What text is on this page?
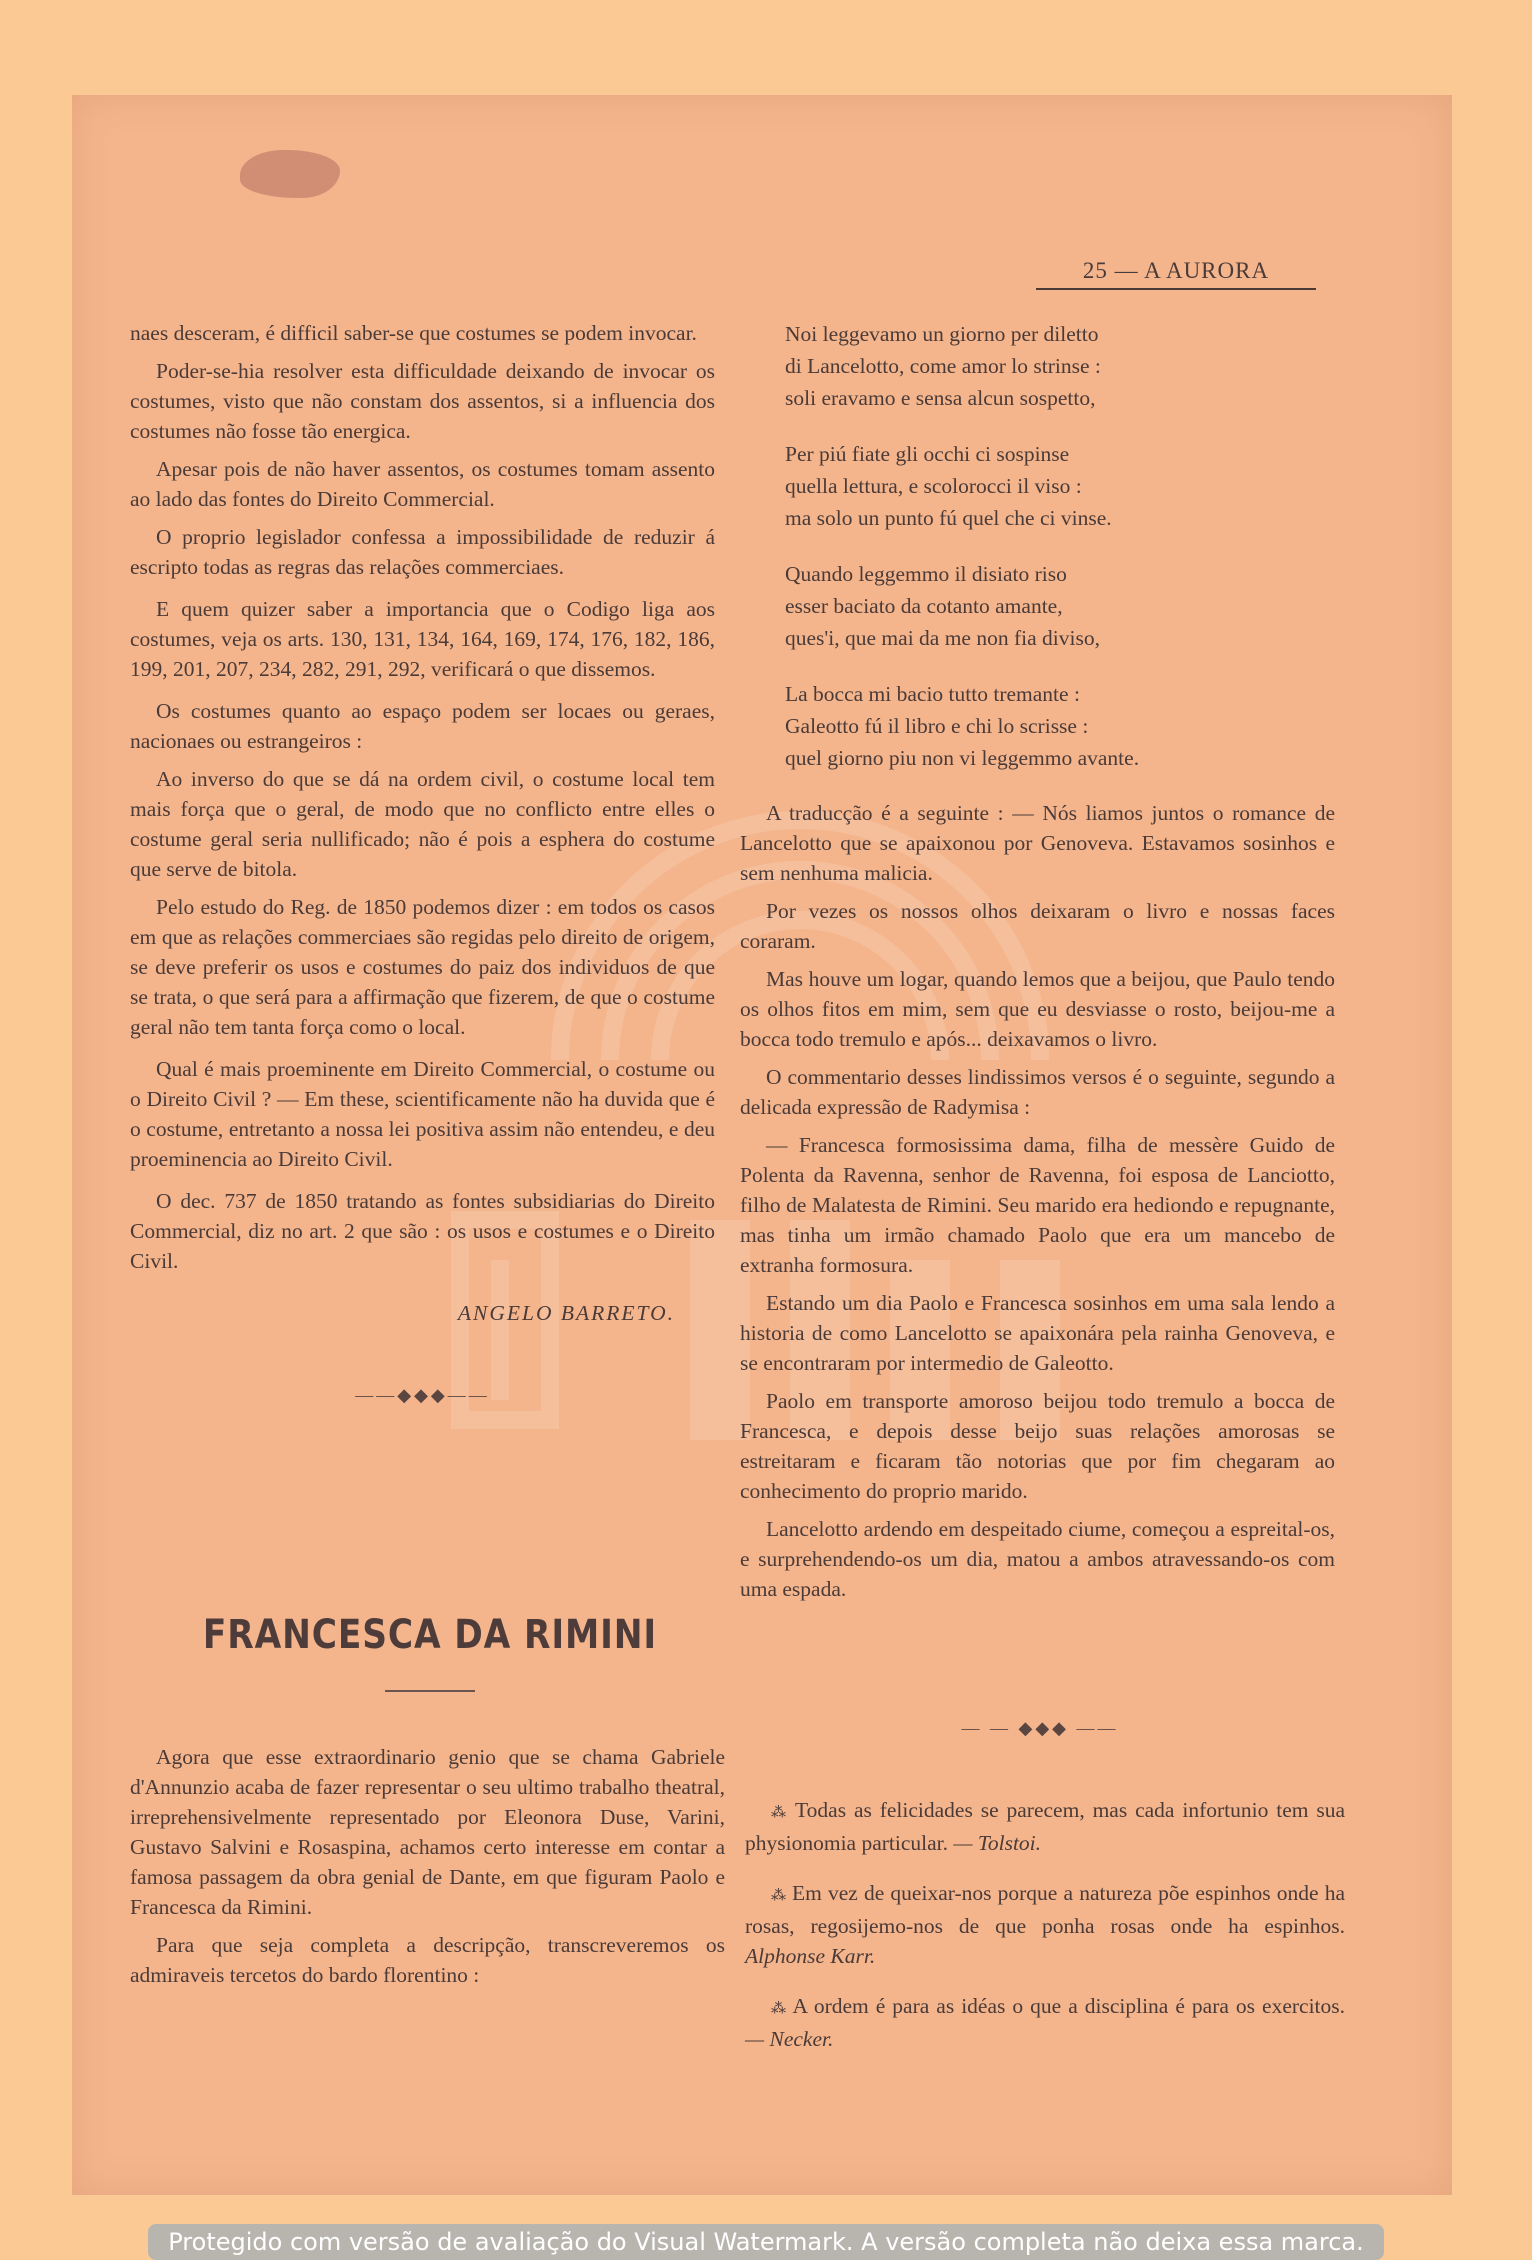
25 — A AURORA

naes desceram, é difficil saber-se que costumes se podem invocar.

Poder-se-hia resolver esta difficuldade deixando de invocar os costumes, visto que não constam dos assentos, si a influencia dos costumes não fosse tão energica.

Apesar pois de não haver assentos, os costumes tomam assento ao lado das fontes do Direito Commercial.

O proprio legislador confessa a impossibilidade de reduzir á escripto todas as regras das relações commerciaes.

E quem quizer saber a importancia que o Codigo liga aos costumes, veja os arts. 130, 131, 134, 164, 169, 174, 176, 182, 186, 199, 201, 207, 234, 282, 291, 292, verificará o que dissemos.

Os costumes quanto ao espaço podem ser locaes ou geraes, nacionaes ou estrangeiros :

Ao inverso do que se dá na ordem civil, o costume local tem mais força que o geral, de modo que no conflicto entre elles o costume geral seria nullificado; não é pois a esphera do costume que serve de bitola.

Pelo estudo do Reg. de 1850 podemos dizer : em todos os casos em que as relações commerciaes são regidas pelo direito de origem, se deve preferir os usos e costumes do paiz dos individuos de que se trata, o que será para a affirmação que fizerem, de que o costume geral não tem tanta força como o local.

Qual é mais proeminente em Direito Commercial, o costume ou o Direito Civil ? — Em these, scientificamente não ha duvida que é o costume, entretanto a nossa lei positiva assim não entendeu, e deu proeminencia ao Direito Civil.

O dec. 737 de 1850 tratando as fontes subsidiarias do Direito Commercial, diz no art. 2 que são : os usos e costumes e o Direito Civil.

ANGELO BARRETO.
——◆◆◆——
FRANCESCA DA RIMINI

Agora que esse extraordinario genio que se chama Gabriele d'Annunzio acaba de fazer representar o seu ultimo trabalho theatral, irreprehensivelmente representado por Eleonora Duse, Varini, Gustavo Salvini e Rosaspina, achamos certo interesse em contar a famosa passagem da obra genial de Dante, em que figuram Paolo e Francesca da Rimini.

Para que seja completa a descripção, transcreveremos os admiraveis tercetos do bardo florentino :

Noi leggevamo un giorno per diletto
di Lancelotto, come amor lo strinse :
soli eravamo e sensa alcun sospetto,
Per piú fiate gli occhi ci sospinse
quella lettura, e scolorocci il viso :
ma solo un punto fú quel che ci vinse.
Quando leggemmo il disiato riso
esser baciato da cotanto amante,
ques'i, que mai da me non fia diviso,
La bocca mi bacio tutto tremante :
Galeotto fú il libro e chi lo scrisse :
quel giorno piu non vi leggemmo avante.

A traducção é a seguinte : — Nós liamos juntos o romance de Lancelotto que se apaixonou por Genoveva. Estavamos sosinhos e sem nenhuma malicia.

Por vezes os nossos olhos deixaram o livro e nossas faces coraram.

Mas houve um logar, quando lemos que a beijou, que Paulo tendo os olhos fitos em mim, sem que eu desviasse o rosto, beijou-me a bocca todo tremulo e após... deixavamos o livro.

O commentario desses lindissimos versos é o seguinte, segundo a delicada expressão de Radymisa :

— Francesca formosissima dama, filha de messère Guido de Polenta da Ravenna, senhor de Ravenna, foi esposa de Lanciotto, filho de Malatesta de Rimini. Seu marido era hediondo e repugnante, mas tinha um irmão chamado Paolo que era um mancebo de extranha formosura.

Estando um dia Paolo e Francesca sosinhos em uma sala lendo a historia de como Lancelotto se apaixonára pela rainha Genoveva, e se encontraram por intermedio de Galeotto.

Paolo em transporte amoroso beijou todo tremulo a bocca de Francesca, e depois desse beijo suas relações amorosas se estreitaram e ficaram tão notorias que por fim chegaram ao conhecimento do proprio marido.

Lancelotto ardendo em despeitado ciume, começou a espreital-os, e surprehendendo-os um dia, matou a ambos atravessando-os com uma espada.

— — ◆◆◆ ——

⁂ Todas as felicidades se parecem, mas cada infortunio tem sua physionomia particular. — Tolstoi.

⁂ Em vez de queixar-nos porque a natureza põe espinhos onde ha rosas, regosijemo-nos de que ponha rosas onde ha espinhos. Alphonse Karr.

⁂ A ordem é para as idéas o que a disciplina é para os exercitos. — Necker.

Protegido com versão de avaliação do Visual Watermark. A versão completa não deixa essa marca.
